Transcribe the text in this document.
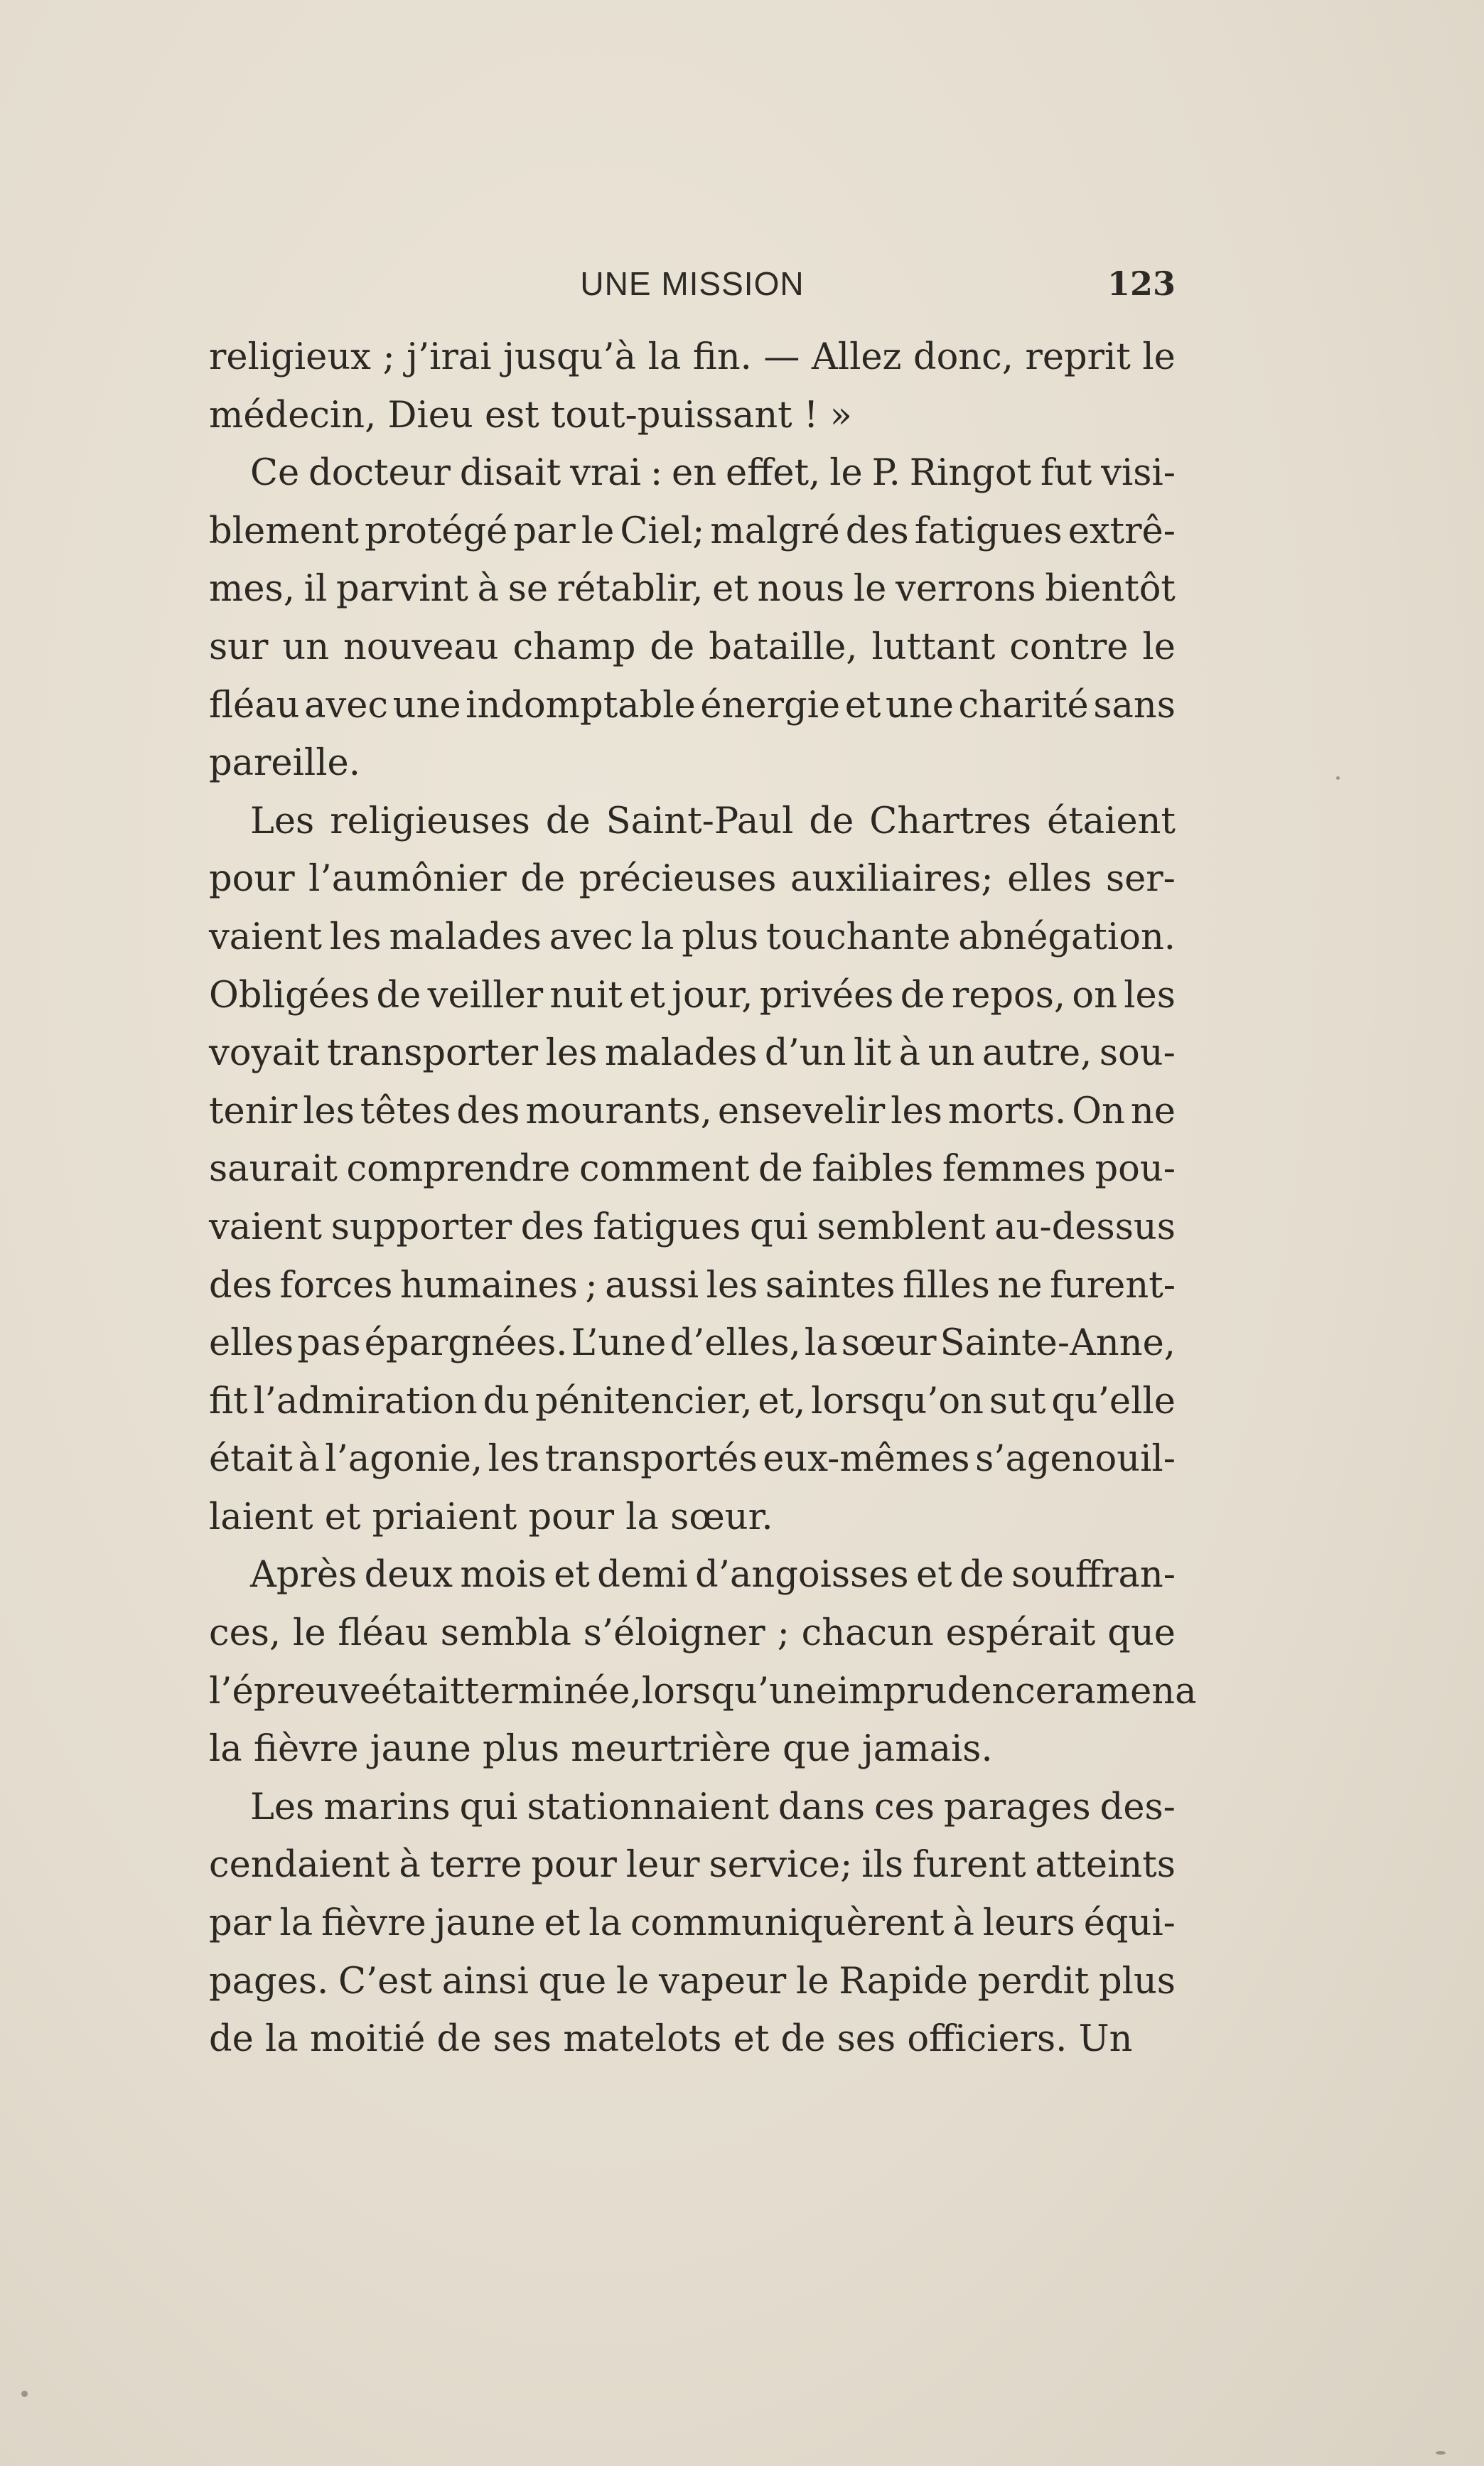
UNE MISSION	123
religieux ; j’irai jusqu’à la fin. — Allez donc, reprit le
médecin, Dieu est tout-puissant ! »
Ce docteur disait vrai : en effet, le P. Ringot fut visi-
blement protégé par le Ciel; malgré des fatigues extrê-
mes, il parvint à se rétablir, et nous le verrons bientôt
sur un nouveau champ de bataille, luttant contre le
fléau avec une indomptable énergie et une charité sans
pareille.
Les religieuses de Saint-Paul de Chartres étaient
pour l’aumônier de précieuses auxiliaires; elles ser-
vaient les malades avec la plus touchante abnégation.
Obligées de veiller nuit et jour, privées de repos, on les
voyait transporter les malades d’un lit à un autre, sou-
tenir les têtes des mourants, ensevelir les morts. On ne
saurait comprendre comment de faibles femmes pou-
vaient supporter des fatigues qui semblent au-dessus
des forces humaines ; aussi les saintes filles ne furent-
elles pas épargnées. L’une d’elles, la sœur Sainte-Anne,
fit l’admiration du pénitencier, et, lorsqu’on sut qu’elle
était à l’agonie, les transportés eux-mêmes s’agenouil-
laient et priaient pour la sœur.
Après deux mois et demi d’angoisses et de souffran-
ces, le fléau sembla s’éloigner ; chacun espérait que
l’épreuve était terminée, lorsqu’une imprudence ramena
la fièvre jaune plus meurtrière que jamais.
Les marins qui stationnaient dans ces parages des-
cendaient à terre pour leur service; ils furent atteints
par la fièvre jaune et la communiquèrent à leurs équi-
pages. C’est ainsi que le vapeur le Rapide perdit plus
de la moitié de ses matelots et de ses officiers. Un
